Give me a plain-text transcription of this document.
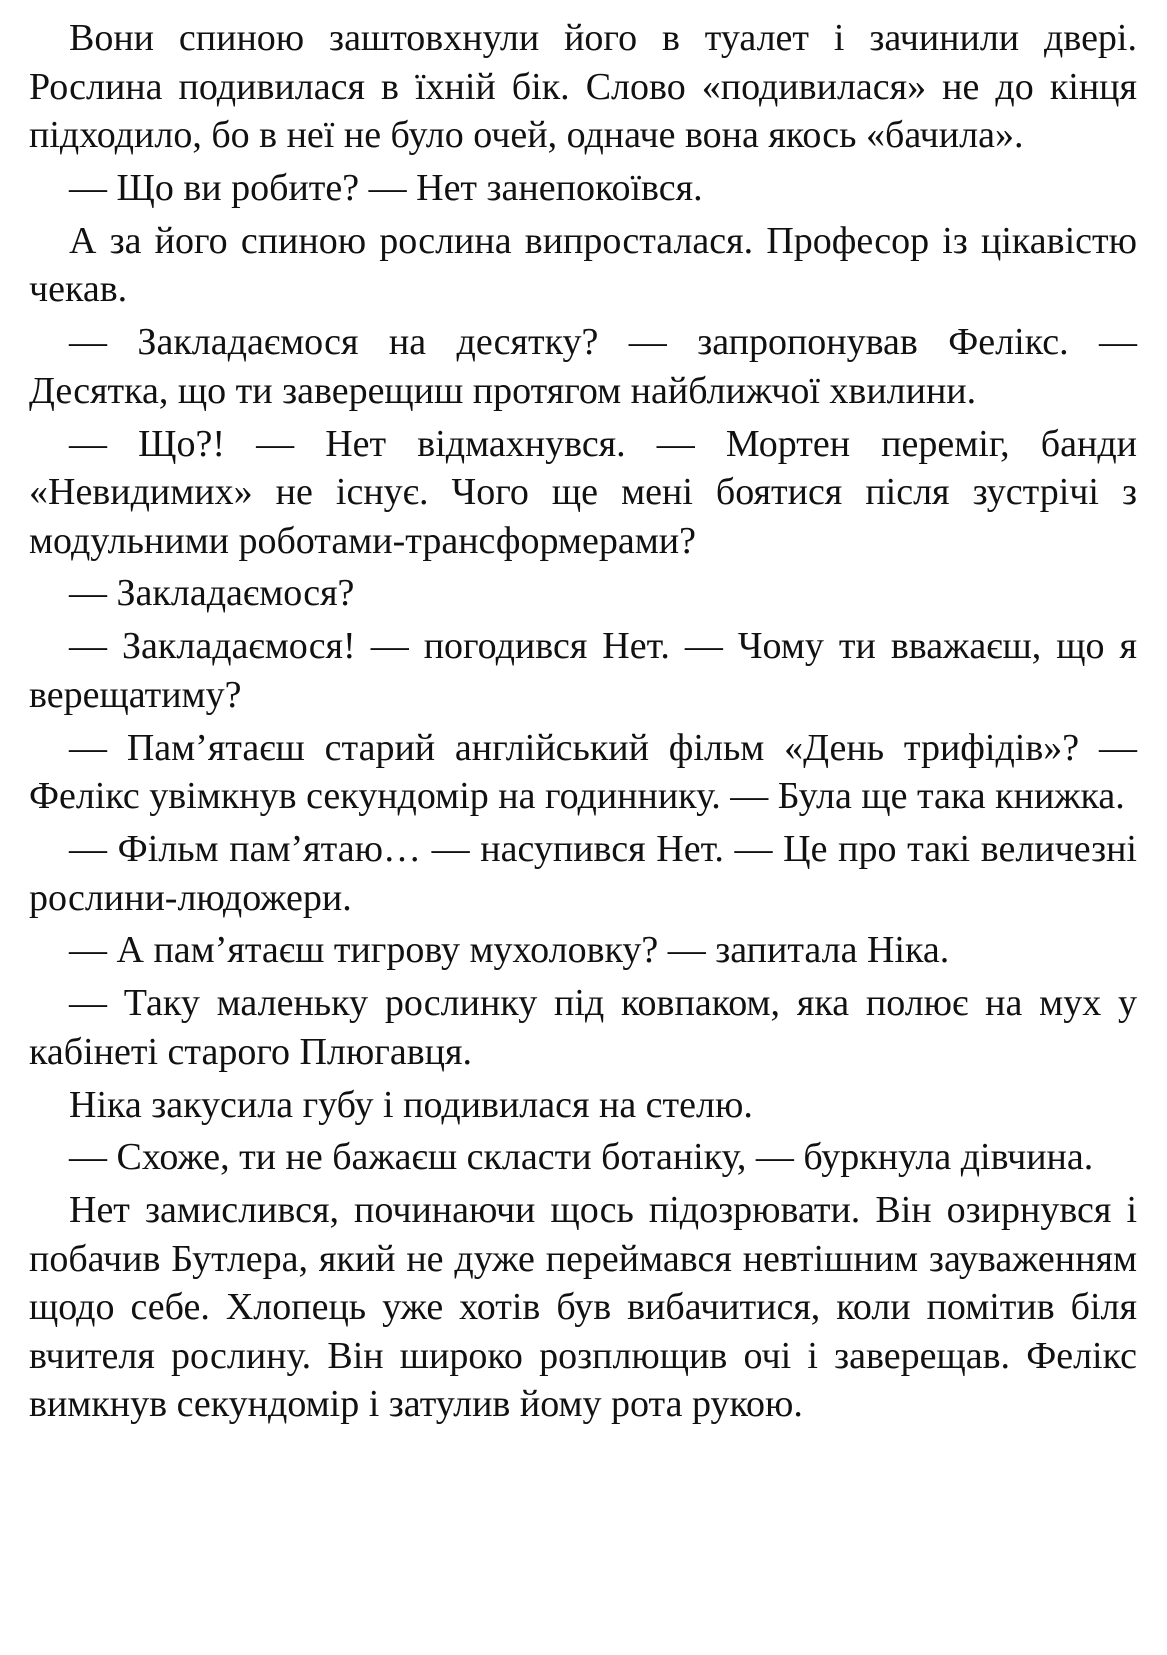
Вони спиною заштовхнули його в туалет і зачинили двері. Рослина подивилася в їхній бік. Слово «подивилася» не до кінця підходило, бо в неї не було очей, одначе вона якось «бачила».

— Що ви робите? — Нет занепокоївся.

А за його спиною рослина випросталася. Професор із цікавістю чекав.

— Закладаємося на десятку? — запропонував Фелікс. — Десятка, що ти заверещиш протягом найближчої хвилини.

— Що?! — Нет відмахнувся. — Мортен переміг, банди «Невидимих» не існує. Чого ще мені боятися після зустрічі з модульними роботами-трансформерами?

— Закладаємося?

— Закладаємося! — погодився Нет. — Чому ти вважаєш, що я верещатиму?

— Пам’ятаєш старий англійський фільм «День трифідів»? — Фелікс увімкнув секундомір на годиннику. — Була ще така книжка.

— Фільм пам’ятаю… — насупився Нет. — Це про такі величезні рослини-людожери.

— А пам’ятаєш тигрову мухоловку? — запитала Ніка.

— Таку маленьку рослинку під ковпаком, яка полює на мух у кабінеті старого Плюгавця.

Ніка закусила губу і подивилася на стелю.

— Схоже, ти не бажаєш скласти ботаніку, — буркнула дівчина.

Нет замислився, починаючи щось підозрювати. Він озирнувся і побачив Бутлера, який не дуже переймався невтішним зауваженням щодо себе. Хлопець уже хотів був вибачитися, коли помітив біля вчителя рослину. Він широко розплющив очі і заверещав. Фелікс вимкнув секундомір і затулив йому рота рукою.
